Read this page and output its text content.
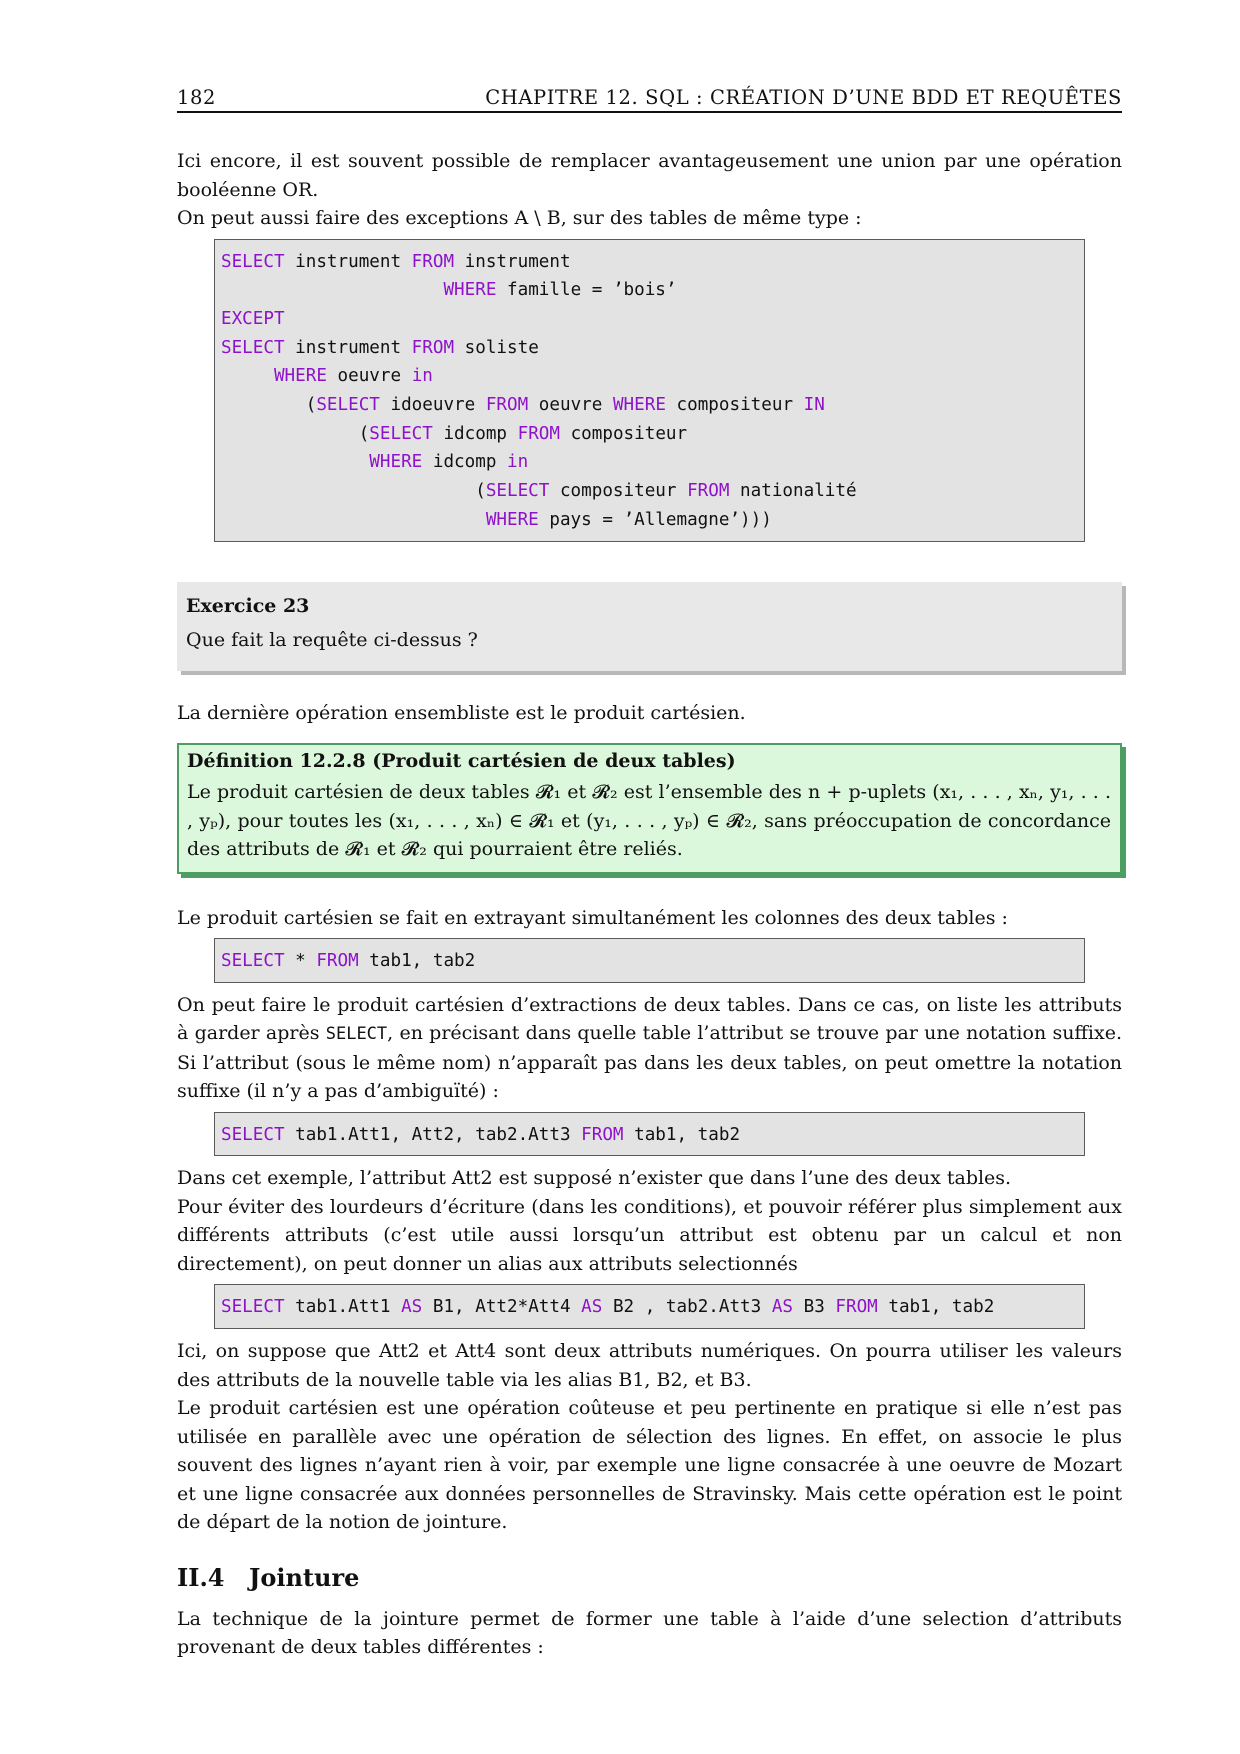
182	CHAPITRE 12. SQL : CRÉATION D’UNE BDD ET REQUÊTES

Ici encore, il est souvent possible de remplacer avantageusement une union par une opération booléenne OR.

On peut aussi faire des exceptions A \ B, sur des tables de même type :

SELECT instrument FROM instrument
WHERE famille = ’bois’
EXCEPT
SELECT instrument FROM soliste
WHERE oeuvre in
(SELECT idoeuvre FROM oeuvre WHERE compositeur IN
(SELECT idcomp FROM compositeur
WHERE idcomp in
(SELECT compositeur FROM nationalité
WHERE pays = ’Allemagne’)))
Exercice 23
Que fait la requête ci-dessus ?

La dernière opération ensembliste est le produit cartésien.

Définition 12.2.8 (Produit cartésien de deux tables)

Le produit cartésien de deux tables 𝓡₁ et 𝓡₂ est l’ensemble des n + p-uplets (x₁, . . . , xₙ, y₁, . . . , yₚ), pour toutes les (x₁, . . . , xₙ) ∈ 𝓡₁ et (y₁, . . . , yₚ) ∈ 𝓡₂, sans préoccupation de concordance des attributs de 𝓡₁ et 𝓡₂ qui pourraient être reliés.

Le produit cartésien se fait en extrayant simultanément les colonnes des deux tables :

SELECT * FROM tab1, tab2

On peut faire le produit cartésien d’extractions de deux tables. Dans ce cas, on liste les attributs à garder après SELECT, en précisant dans quelle table l’attribut se trouve par une notation suffixe. Si l’attribut (sous le même nom) n’apparaît pas dans les deux tables, on peut omettre la notation suffixe (il n’y a pas d’ambiguïté) :

SELECT tab1.Att1, Att2, tab2.Att3 FROM tab1, tab2

Dans cet exemple, l’attribut Att2 est supposé n’exister que dans l’une des deux tables.

Pour éviter des lourdeurs d’écriture (dans les conditions), et pouvoir référer plus simplement aux différents attributs (c’est utile aussi lorsqu’un attribut est obtenu par un calcul et non directement), on peut donner un alias aux attributs selectionnés

SELECT tab1.Att1 AS B1, Att2*Att4 AS B2 , tab2.Att3 AS B3 FROM tab1, tab2

Ici, on suppose que Att2 et Att4 sont deux attributs numériques. On pourra utiliser les valeurs des attributs de la nouvelle table via les alias B1, B2, et B3.

Le produit cartésien est une opération coûteuse et peu pertinente en pratique si elle n’est pas utilisée en parallèle avec une opération de sélection des lignes. En effet, on associe le plus souvent des lignes n’ayant rien à voir, par exemple une ligne consacrée à une oeuvre de Mozart et une ligne consacrée aux données personnelles de Stravinsky. Mais cette opération est le point de départ de la notion de jointure.

II.4 Jointure

La technique de la jointure permet de former une table à l’aide d’une selection d’attributs provenant de deux tables différentes :
